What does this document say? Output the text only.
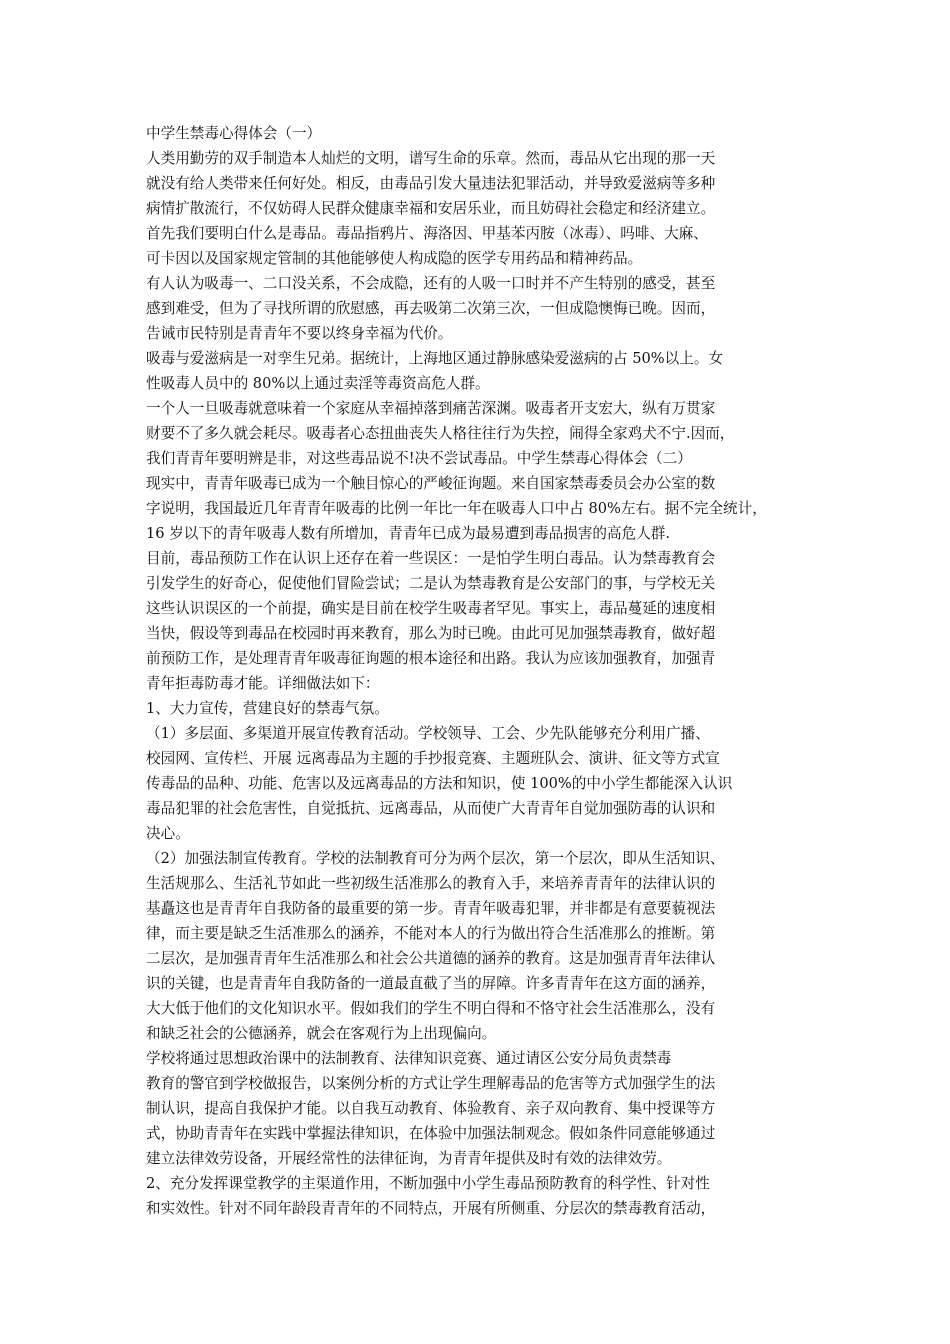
中学生禁毒心得体会（一）
人类用勤劳的双手制造本人灿烂的文明，谱写生命的乐章。然而，毒品从它出现的那一天
就没有给人类带来任何好处。相反，由毒品引发大量违法犯罪活动，并导致爱滋病等多种
病情扩散流行，不仅妨碍人民群众健康幸福和安居乐业，而且妨碍社会稳定和经济建立。
首先我们要明白什么是毒品。毒品指鸦片、海洛因、甲基苯丙胺（冰毒）、吗啡、大麻、
可卡因以及国家规定管制的其他能够使人构成隐的医学专用药品和精神药品。
有人认为吸毒一、二口没关系，不会成隐，还有的人吸一口时并不产生特别的感受，甚至
感到难受，但为了寻找所谓的欣慰感，再去吸第二次第三次，一但成隐懊悔已晚。因而，
告诫市民特别是青青年不要以终身幸福为代价。
吸毒与爱滋病是一对孪生兄弟。据统计，上海地区通过静脉感染爱滋病的占 50%以上。女
性吸毒人员中的 80%以上通过卖淫等毒资高危人群。
一个人一旦吸毒就意味着一个家庭从幸福掉落到痛苦深渊。吸毒者开支宏大，纵有万贯家
财要不了多久就会耗尽。吸毒者心态扭曲丧失人格往往行为失控，闹得全家鸡犬不宁.因而，
我们青青年要明辨是非，对这些毒品说不!决不尝试毒品。中学生禁毒心得体会（二）
现实中，青青年吸毒已成为一个触目惊心的严峻征询题。来自国家禁毒委员会办公室的数
字说明，我国最近几年青青年吸毒的比例一年比一年在吸毒人口中占 80%左右。据不完全统计，
16 岁以下的青年吸毒人数有所增加，青青年已成为最易遭到毒品损害的高危人群.
目前，毒品预防工作在认识上还存在着一些误区：一是怕学生明白毒品。认为禁毒教育会
引发学生的好奇心，促使他们冒险尝试；二是认为禁毒教育是公安部门的事，与学校无关
这些认识误区的一个前提，确实是目前在校学生吸毒者罕见。事实上，毒品蔓延的速度相
当快，假设等到毒品在校园时再来教育，那么为时已晚。由此可见加强禁毒教育，做好超
前预防工作，是处理青青年吸毒征询题的根本途径和出路。我认为应该加强教育，加强青
青年拒毒防毒才能。详细做法如下：
1、大力宣传，营建良好的禁毒气氛。
（1）多层面、多渠道开展宣传教育活动。学校领导、工会、少先队能够充分利用广播、
校园网、宣传栏、开展 远离毒品为主题的手抄报竞赛、主题班队会、演讲、征文等方式宣
传毒品的品种、功能、危害以及远离毒品的方法和知识，使 100%的中小学生都能深入认识
毒品犯罪的社会危害性，自觉抵抗、远离毒品，从而使广大青青年自觉加强防毒的认识和
决心。
（2）加强法制宣传教育。学校的法制教育可分为两个层次，第一个层次，即从生活知识、
生活规那么、生活礼节如此一些初级生活准那么的教育入手，来培养青青年的法律认识的
基矗这也是青青年自我防备的最重要的第一步。青青年吸毒犯罪，并非都是有意要藐视法
律，而主要是缺乏生活准那么的涵养，不能对本人的行为做出符合生活准那么的推断。第
二层次，是加强青青年生活准那么和社会公共道德的涵养的教育。这是加强青青年法律认
识的关键，也是青青年自我防备的一道最直截了当的屏障。许多青青年在这方面的涵养，
大大低于他们的文化知识水平。假如我们的学生不明白得和不恪守社会生活准那么，没有
和缺乏社会的公德涵养，就会在客观行为上出现偏向。
学校将通过思想政治课中的法制教育、法律知识竞赛、通过请区公安分局负责禁毒
教育的警官到学校做报告，以案例分析的方式让学生理解毒品的危害等方式加强学生的法
制认识，提高自我保护才能。以自我互动教育、体验教育、亲子双向教育、集中授课等方
式，协助青青年在实践中掌握法律知识，在体验中加强法制观念。假如条件同意能够通过
建立法律效劳设备，开展经常性的法律征询，为青青年提供及时有效的法律效劳。
2、充分发挥课堂教学的主渠道作用，不断加强中小学生毒品预防教育的科学性、针对性
和实效性。针对不同年龄段青青年的不同特点，开展有所侧重、分层次的禁毒教育活动，
